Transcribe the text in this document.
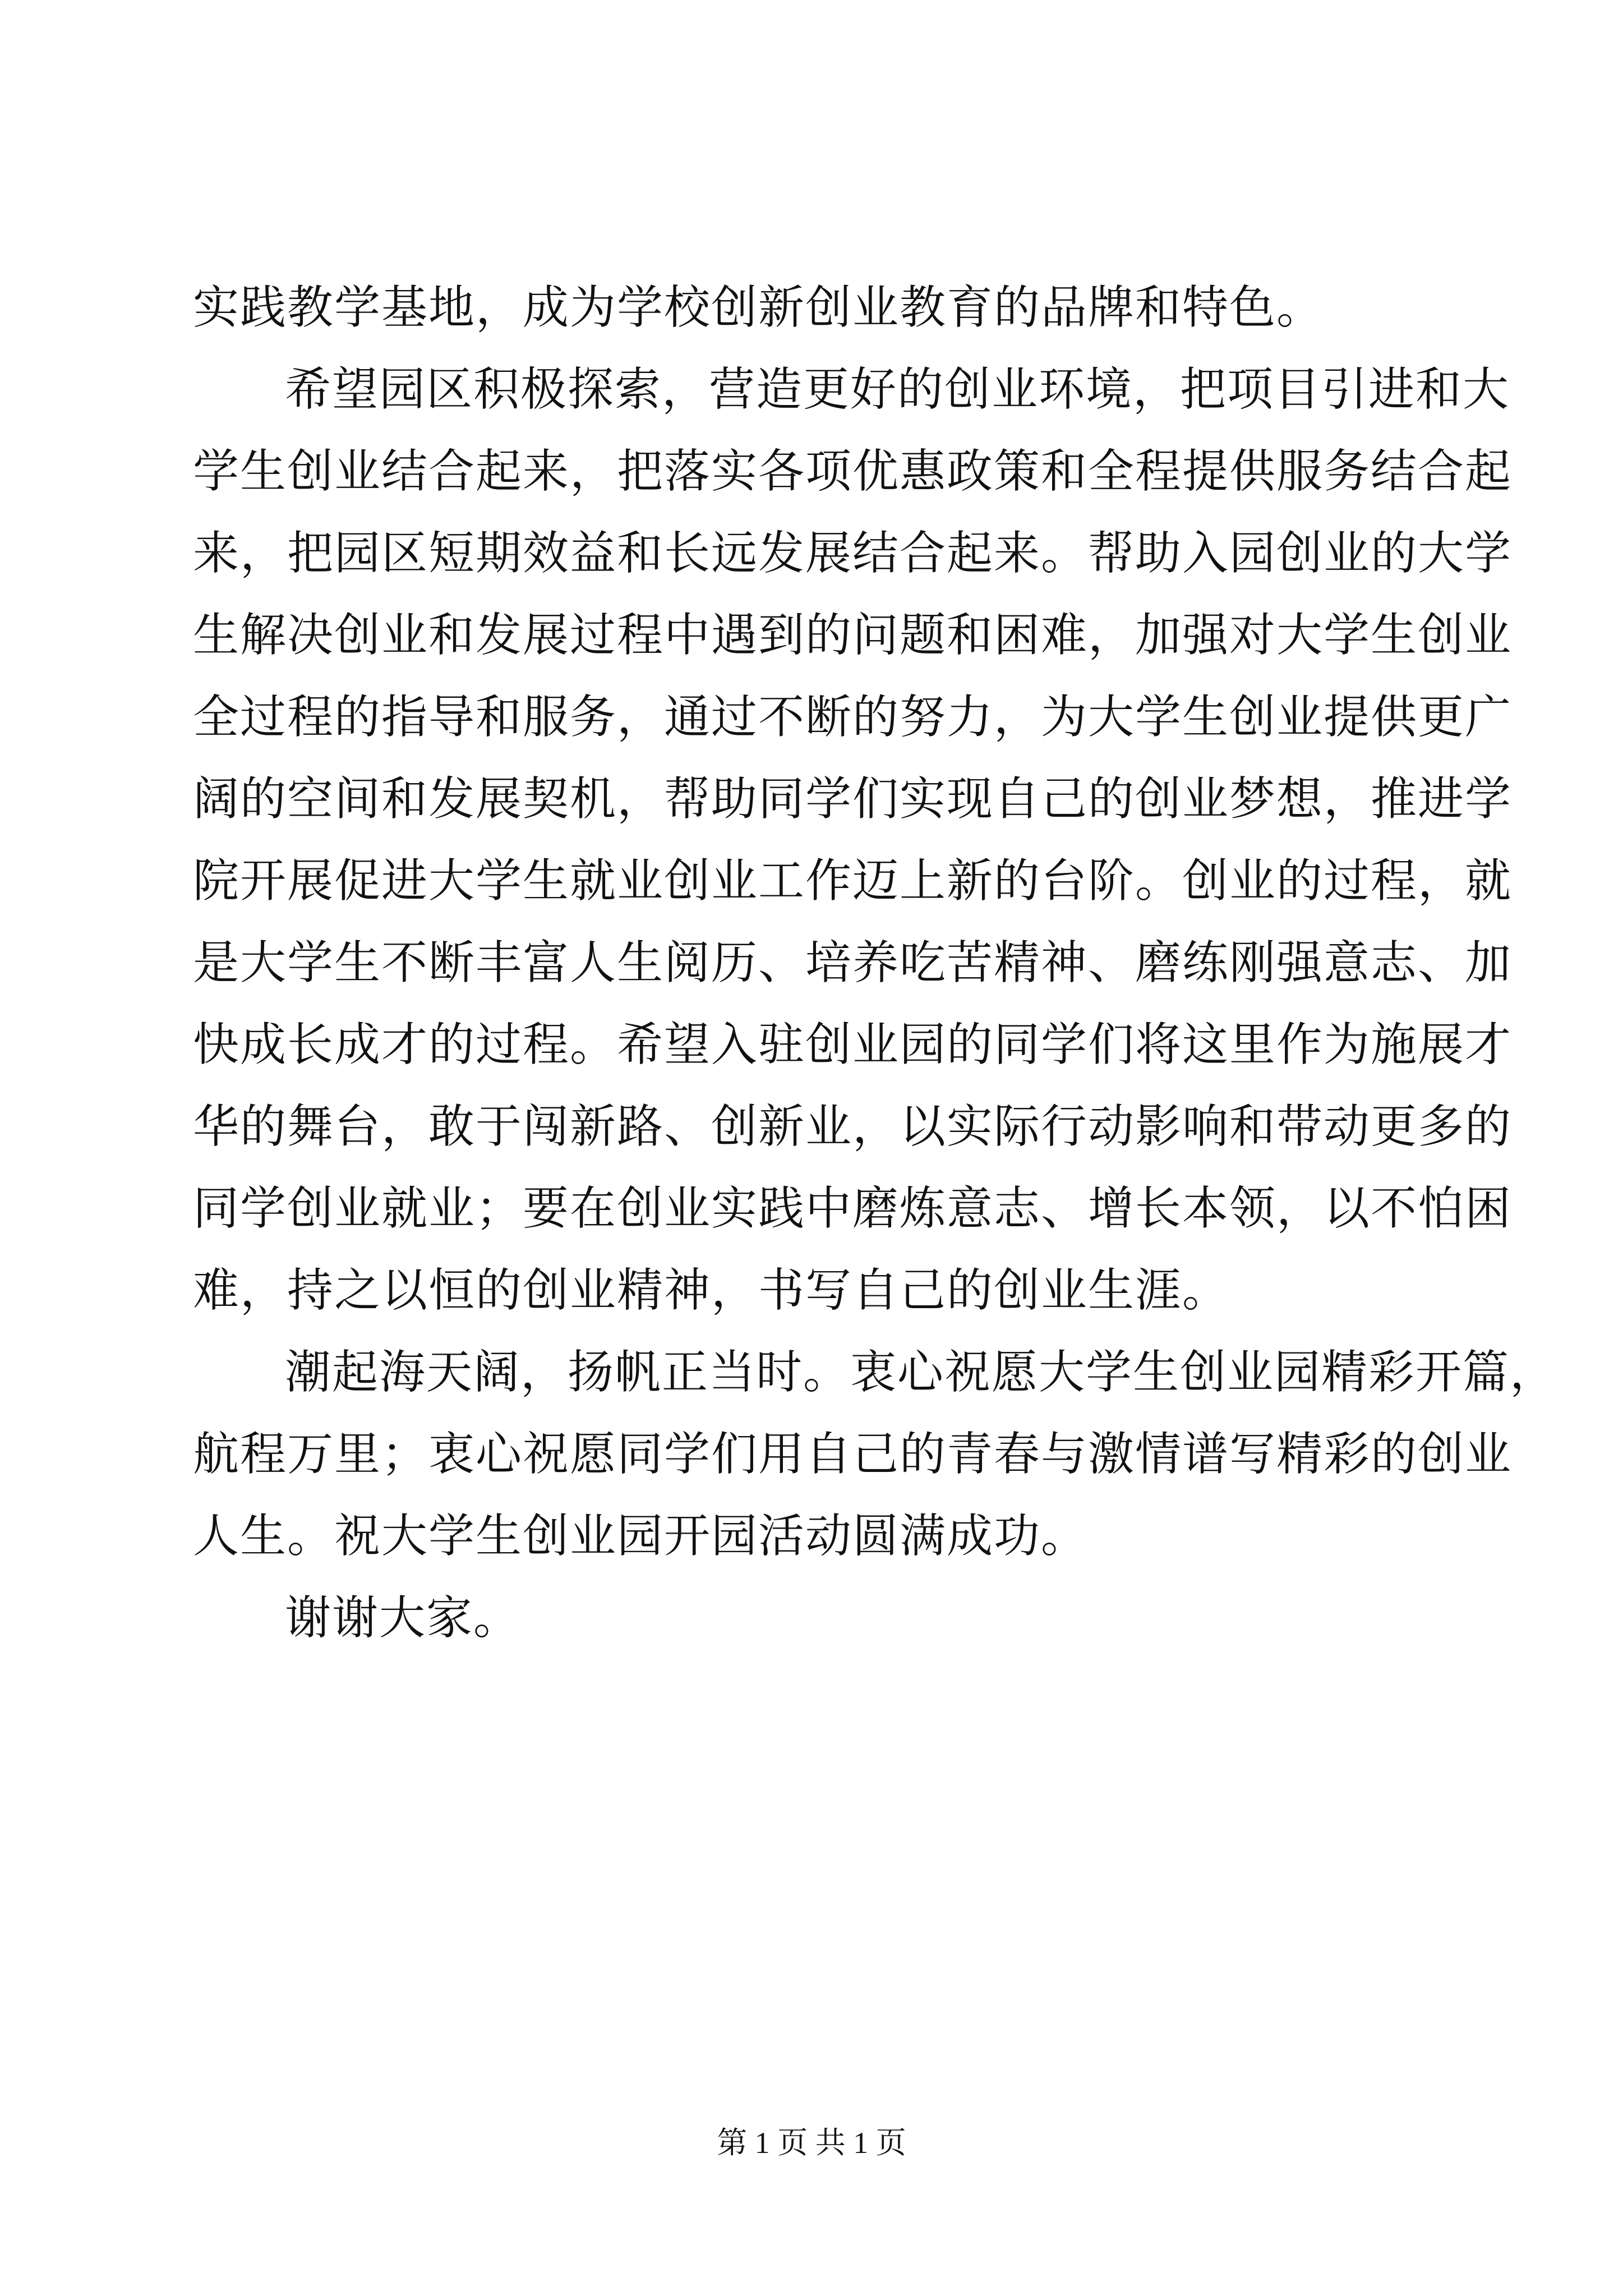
实践教学基地，成为学校创新创业教育的品牌和特色。
希望园区积极探索，营造更好的创业环境，把项目引进和大
学生创业结合起来，把落实各项优惠政策和全程提供服务结合起
来，把园区短期效益和长远发展结合起来。帮助入园创业的大学
生解决创业和发展过程中遇到的问题和困难，加强对大学生创业
全过程的指导和服务，通过不断的努力，为大学生创业提供更广
阔的空间和发展契机，帮助同学们实现自己的创业梦想，推进学
院开展促进大学生就业创业工作迈上新的台阶。创业的过程，就
是大学生不断丰富人生阅历、培养吃苦精神、磨练刚强意志、加
快成长成才的过程。希望入驻创业园的同学们将这里作为施展才
华的舞台，敢于闯新路、创新业，以实际行动影响和带动更多的
同学创业就业；要在创业实践中磨炼意志、增长本领，以不怕困
难，持之以恒的创业精神，书写自己的创业生涯。
潮起海天阔，扬帆正当时。衷心祝愿大学生创业园精彩开篇，
航程万里；衷心祝愿同学们用自己的青春与激情谱写精彩的创业
人生。祝大学生创业园开园活动圆满成功。
谢谢大家。
第 1 页 共 1 页
